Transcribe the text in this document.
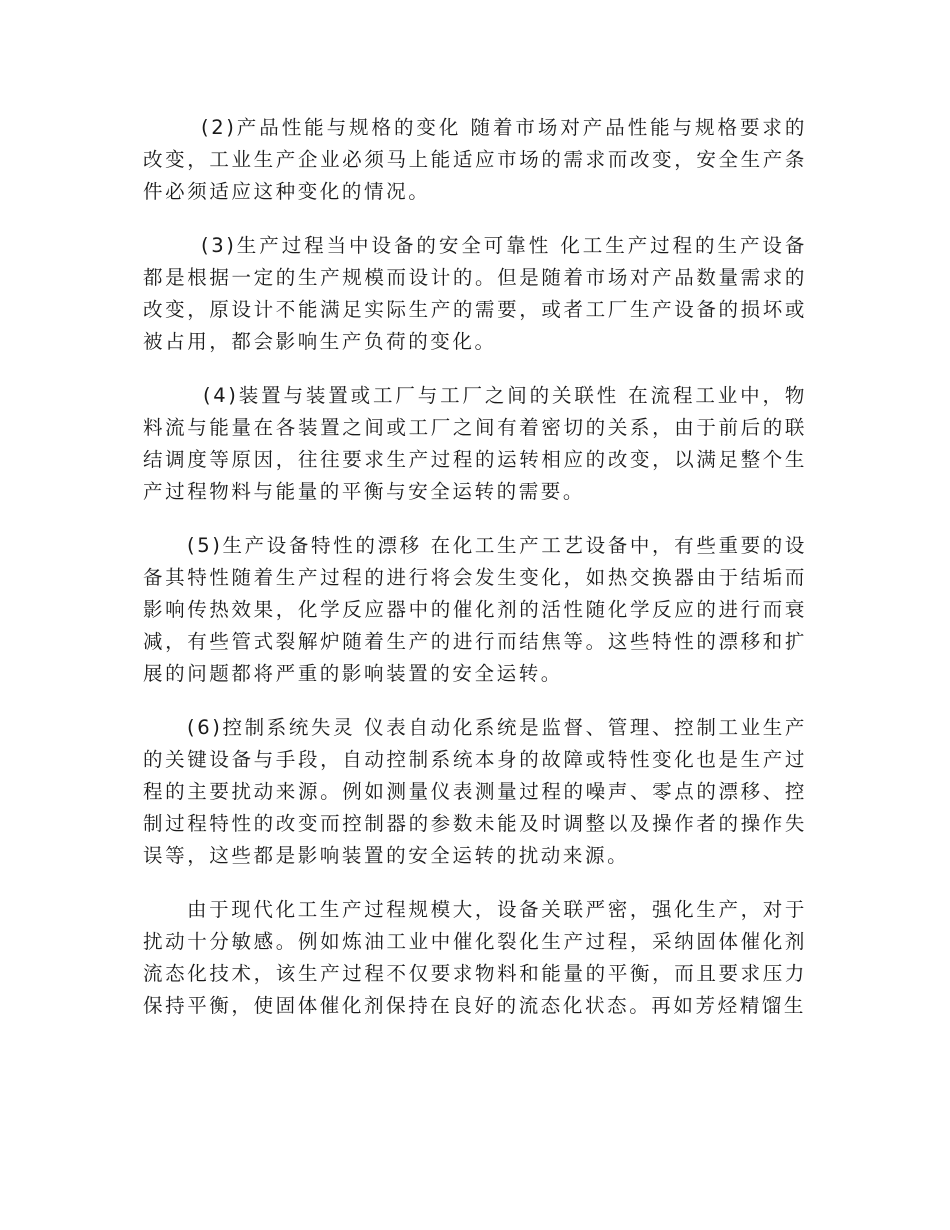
(2)产品性能与规格的变化 随着市场对产品性能与规格要求的改变，工业生产企业必须马上能适应市场的需求而改变，安全生产条件必须适应这种变化的情况。

(3)生产过程当中设备的安全可靠性 化工生产过程的生产设备都是根据一定的生产规模而设计的。但是随着市场对产品数量需求的改变，原设计不能满足实际生产的需要，或者工厂生产设备的损坏或被占用，都会影响生产负荷的变化。

(4)装置与装置或工厂与工厂之间的关联性 在流程工业中，物料流与能量在各装置之间或工厂之间有着密切的关系，由于前后的联结调度等原因，往往要求生产过程的运转相应的改变，以满足整个生产过程物料与能量的平衡与安全运转的需要。

(5)生产设备特性的漂移 在化工生产工艺设备中，有些重要的设备其特性随着生产过程的进行将会发生变化，如热交换器由于结垢而影响传热效果，化学反应器中的催化剂的活性随化学反应的进行而衰减，有些管式裂解炉随着生产的进行而结焦等。这些特性的漂移和扩展的问题都将严重的影响装置的安全运转。

(6)控制系统失灵 仪表自动化系统是监督、管理、控制工业生产的关键设备与手段，自动控制系统本身的故障或特性变化也是生产过程的主要扰动来源。例如测量仪表测量过程的噪声、零点的漂移、控制过程特性的改变而控制器的参数未能及时调整以及操作者的操作失误等，这些都是影响装置的安全运转的扰动来源。

由于现代化工生产过程规模大，设备关联严密，强化生产，对于扰动十分敏感。例如炼油工业中催化裂化生产过程，采纳固体催化剂流态化技术，该生产过程不仅要求物料和能量的平衡，而且要求压力保持平衡，使固体催化剂保持在良好的流态化状态。再如芳烃精馏生
